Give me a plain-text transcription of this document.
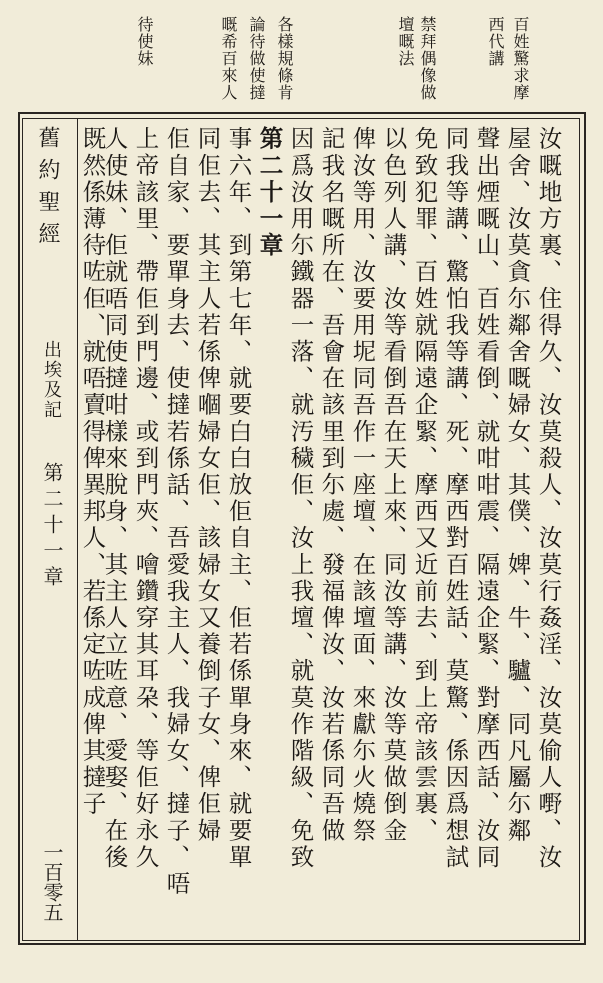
百姓驚求摩
西代講
禁拜偶像做
壇嘅法
嘅希百來人 論待做使撻 各樣規條肯
待使妹
舊約聖經
出埃及記
第二十一章
一百零五
汝嘅地方裏、住得久、汝莫殺人、汝莫行姦淫、汝莫偷人嘢、汝
屋舍、汝莫貪尓鄰舍嘅婦女、其僕、婢、牛、驢、同凡屬尓鄰
聲出煙嘅山、百姓看倒、就咁咁震、隔遠企緊、對摩西話、汝同
同我等講、驚怕我等講、死、摩西對百姓話、莫驚、係因爲想試
免致犯罪、百姓就隔遠企緊、摩西又近前去、到上帝該雲裏、
以色列人講、汝等看倒吾在天上來、同汝等講、汝等莫做倒金
俾汝等用、汝要用坭同吾作一座壇、在該壇面、來獻尓火燒祭
記我名嘅所在、吾會在該里到尓處、發福俾汝、汝若係同吾做
因爲汝用尓鐵器一落、就汚穢佢、汝上我壇、就莫作階級、免致
第二十一章
事六年、到第七年、就要白白放佢自主、佢若係單身來、就要單
同佢去、其主人若係俾嗰婦女佢、該婦女又養倒子女、俾佢婦
佢自家、要單身去、使撻若係話、吾愛我主人、我婦女、撻子、唔
上帝該里、帶佢到門邊、或到門夾、噲鑽穿其耳朶、等佢好永久
人使妹、佢就唔同使撻咁樣來脫身、其主人立咗意、愛娶、在後
既然係薄待咗佢、就唔賣得俾異邦人、若係定咗成俾其撻子
